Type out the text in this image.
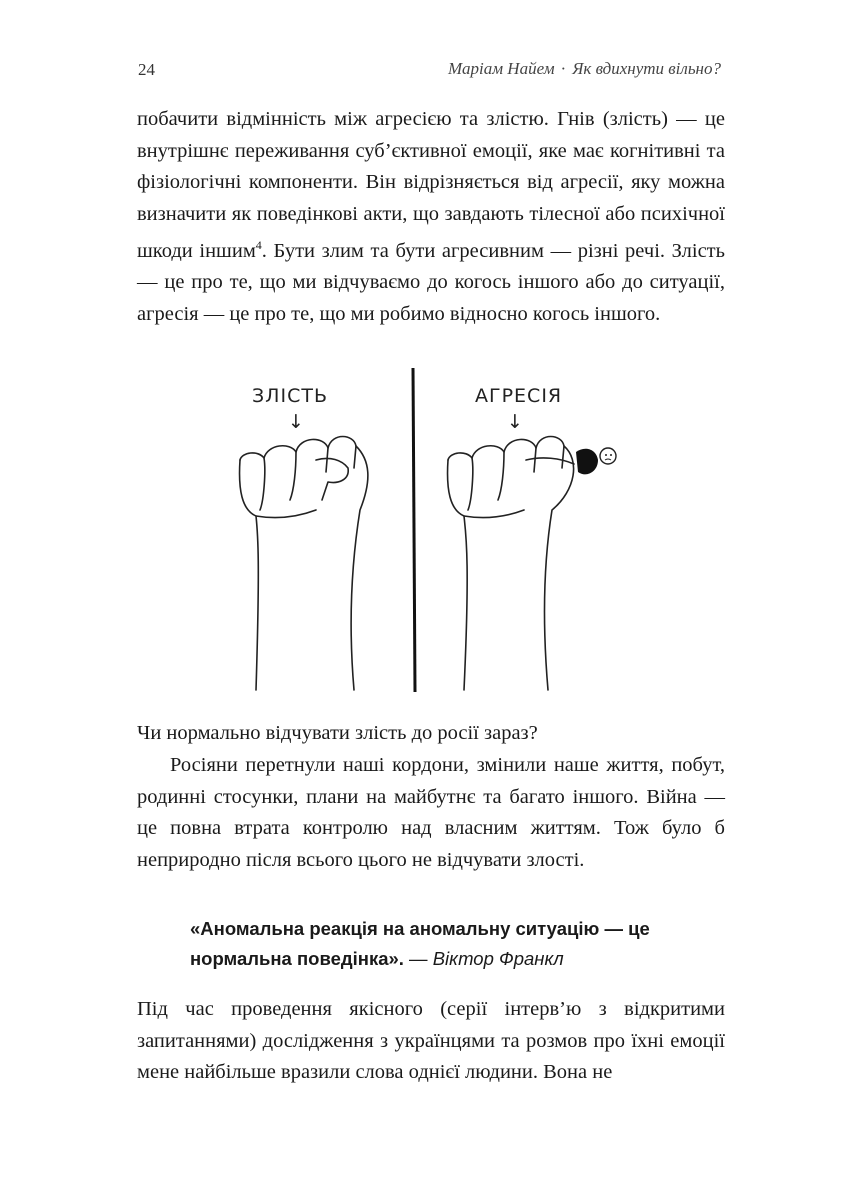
24	Маріам Найем · Як вдихнути вільно?

побачити відмінність між агресією та злістю. Гнів (злість) — це внутрішнє переживання суб’єктивної емоції, яке має когнітивні та фізіологічні компоненти. Він відрізняється від агресії, яку можна визначити як поведінкові акти, що завдають тілесної або психічної шкоди іншим$^4$. Бути злим та бути агресивним — різні речі. Злість — це про те, що ми відчуваємо до когось іншого або до ситуації, агресія — це про те, що ми робимо відносно когось іншого.

ЗЛІСТЬ
↓
АГРЕСІЯ
↓

Чи нормально відчувати злість до росії зараз?

Росіяни перетнули наші кордони, змінили наше життя, побут, родинні стосунки, плани на майбутнє та багато іншого. Війна — це повна втрата контролю над власним життям. Тож було б неприродно після всього цього не відчувати злості.

«Аномальна реакція на аномальну ситуацію — це нормальна поведінка». — Віктор Франкл

Під час проведення якісного (серії інтерв’ю з відкритими запитаннями) дослідження з українцями та розмов про їхні емоції мене найбільше вразили слова однієї людини. Вона не
